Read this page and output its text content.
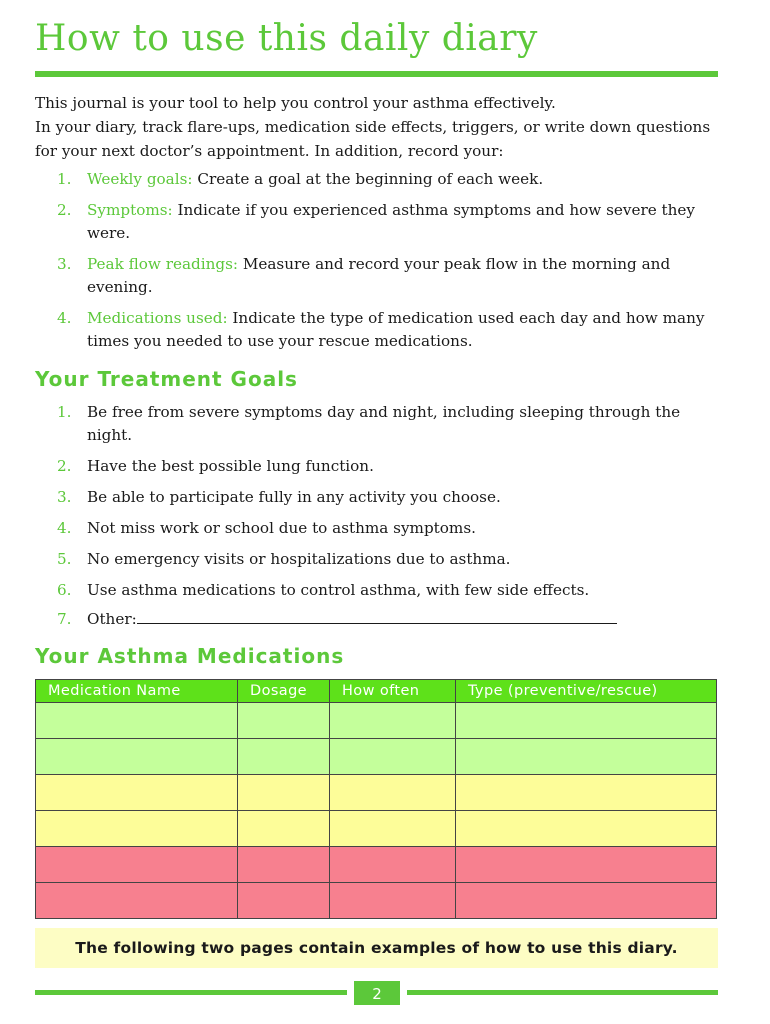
How to use this daily diary

This journal is your tool to help you control your asthma effectively.

In your diary, track flare-ups, medication side effects, triggers, or write down questions for your next doctor’s appointment. In addition, record your:

1. Weekly goals: Create a goal at the beginning of each week.
2. Symptoms: Indicate if you experienced asthma symptoms and how severe they were.
3. Peak flow readings: Measure and record your peak flow in the morning and evening.
4. Medications used: Indicate the type of medication used each day and how many times you needed to use your rescue medications.
Your Treatment Goals
1. Be free from severe symptoms day and night, including sleeping through the night.
2. Have the best possible lung function.
3. Be able to participate fully in any activity you choose.
4. Not miss work or school due to asthma symptoms.
5. No emergency visits or hospitalizations due to asthma.
6. Use asthma medications to control asthma, with few side effects.
7. Other:
Your Asthma Medications
Medication Name	Dosage	How often	Type (preventive/rescue)

The following two pages contain examples of how to use this diary.
2
